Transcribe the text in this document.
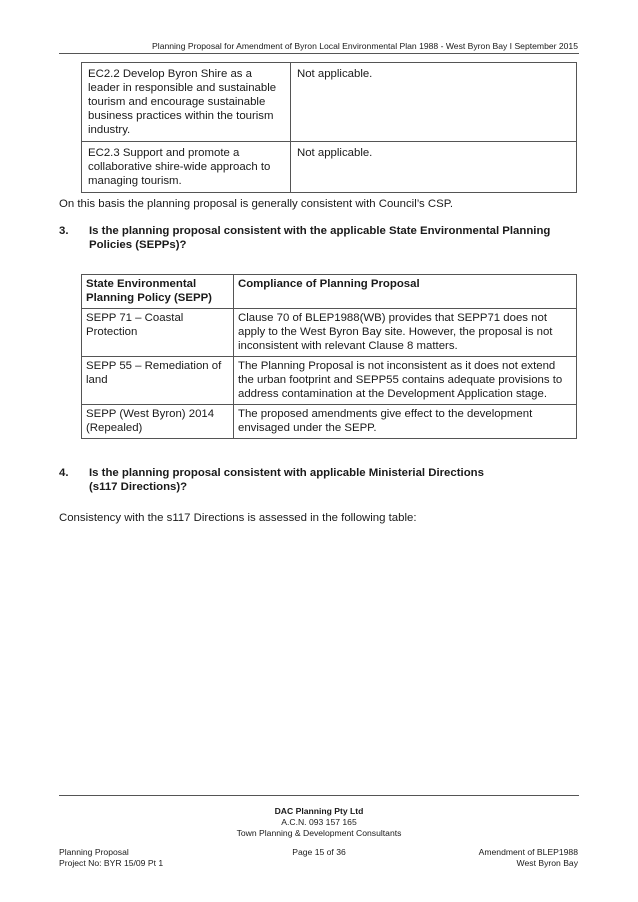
Planning Proposal for Amendment of Byron Local Environmental Plan 1988 - West Byron Bay I September 2015
EC2.2 Develop Byron Shire as a leader in responsible and sustainable tourism and encourage sustainable business practices within the tourism industry.	Not applicable.
EC2.3 Support and promote a collaborative shire-wide approach to managing tourism.	Not applicable.
On this basis the planning proposal is generally consistent with Council’s CSP.
3. Is the planning proposal consistent with the applicable State Environmental Planning
Policies (SEPPs)?
State Environmental
Planning Policy (SEPP)	Compliance of Planning Proposal
SEPP 71 – Coastal Protection	Clause 70 of BLEP1988(WB) provides that SEPP71 does not apply to the West Byron Bay site. However, the proposal is not inconsistent with relevant Clause 8 matters.
SEPP 55 – Remediation of land	The Planning Proposal is not inconsistent as it does not extend the urban footprint and SEPP55 contains adequate provisions to address contamination at the Development Application stage.
SEPP (West Byron) 2014 (Repealed)	The proposed amendments give effect to the development envisaged under the SEPP.
4. Is the planning proposal consistent with applicable Ministerial Directions
(s117 Directions)?
Consistency with the s117 Directions is assessed in the following table:
DAC Planning Pty Ltd
A.C.N. 093 157 165
Town Planning & Development Consultants
Page 15 of 36
Planning Proposal
Project No: BYR 15/09 Pt 1
Amendment of BLEP1988
West Byron Bay
